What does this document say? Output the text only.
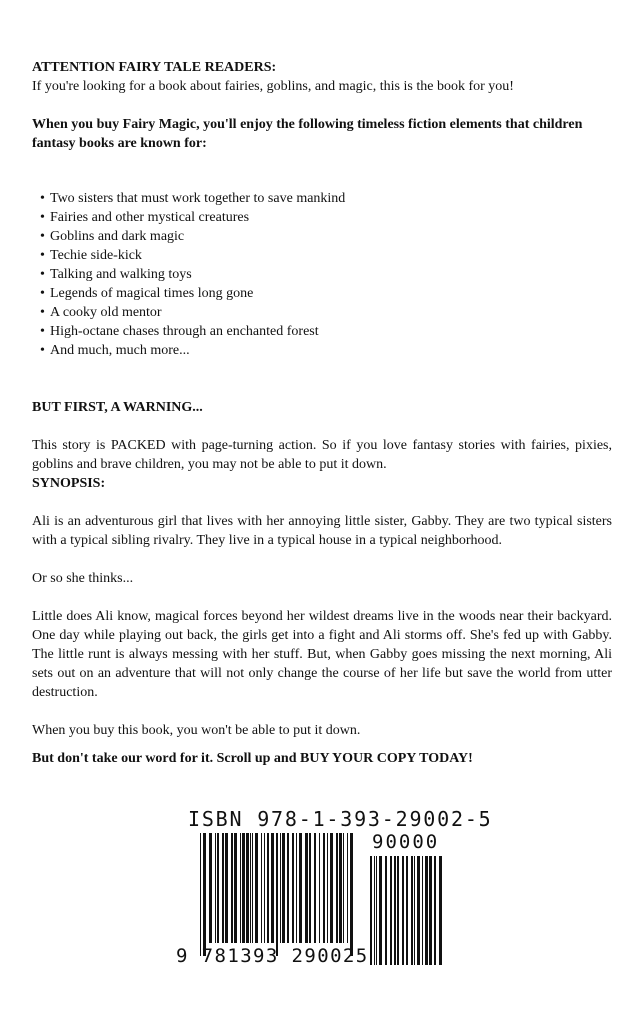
ATTENTION FAIRY TALE READERS:

If you're looking for a book about fairies, goblins, and magic, this is the book for you!

When you buy Fairy Magic, you'll enjoy the following timeless fiction elements that children fantasy books are known for:

• Two sisters that must work together to save mankind
• Fairies and other mystical creatures
• Goblins and dark magic
• Techie side-kick
• Talking and walking toys
• Legends of magical times long gone
• A cooky old mentor
• High-octane chases through an enchanted forest
• And much, much more...

BUT FIRST, A WARNING...

This story is PACKED with page-turning action. So if you love fantasy stories with fairies, pixies, goblins and brave children, you may not be able to put it down.

SYNOPSIS:

Ali is an adventurous girl that lives with her annoying little sister, Gabby. They are two typical sisters with a typical sibling rivalry. They live in a typical house in a typical neighborhood.

Or so she thinks...

Little does Ali know, magical forces beyond her wildest dreams live in the woods near their backyard. One day while playing out back, the girls get into a fight and Ali storms off. She's fed up with Gabby. The little runt is always messing with her stuff. But, when Gabby goes missing the next morning, Ali sets out on an adventure that will not only change the course of her life but save the world from utter destruction.

When you buy this book, you won't be able to put it down.

But don't take our word for it. Scroll up and BUY YOUR COPY TODAY!

ISBN 978-1-393-29002-5
90000
9 781393 290025
